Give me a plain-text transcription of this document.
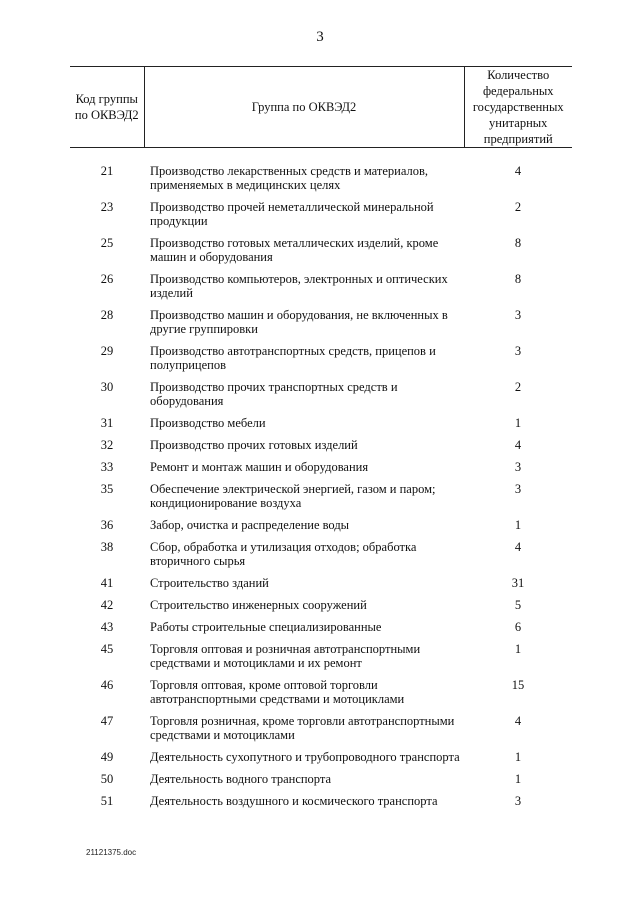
3
Код группы по ОКВЭД2	Группа по ОКВЭД2	Количество федеральных государственных унитарных предприятий

21	Производство лекарственных средств и материалов, применяемых в медицинских целях	4
23	Производство прочей неметаллической минеральной продукции	2
25	Производство готовых металлических изделий, кроме машин и оборудования	8
26	Производство компьютеров, электронных и оптических изделий	8
28	Производство машин и оборудования, не включенных в другие группировки	3
29	Производство автотранспортных средств, прицепов и полуприцепов	3
30	Производство прочих транспортных средств и оборудования	2
31	Производство мебели	1
32	Производство прочих готовых изделий	4
33	Ремонт и монтаж машин и оборудования	3
35	Обеспечение электрической энергией, газом и паром; кондиционирование воздуха	3
36	Забор, очистка и распределение воды	1
38	Сбор, обработка и утилизация отходов; обработка вторичного сырья	4
41	Строительство зданий	31
42	Строительство инженерных сооружений	5
43	Работы строительные специализированные	6
45	Торговля оптовая и розничная автотранспортными средствами и мотоциклами и их ремонт	1
46	Торговля оптовая, кроме оптовой торговли автотранспортными средствами и мотоциклами	15
47	Торговля розничная, кроме торговли автотранспортными средствами и мотоциклами	4
49	Деятельность сухопутного и трубопроводного транспорта	1
50	Деятельность водного транспорта	1
51	Деятельность воздушного и космического транспорта	3
21121375.doc
